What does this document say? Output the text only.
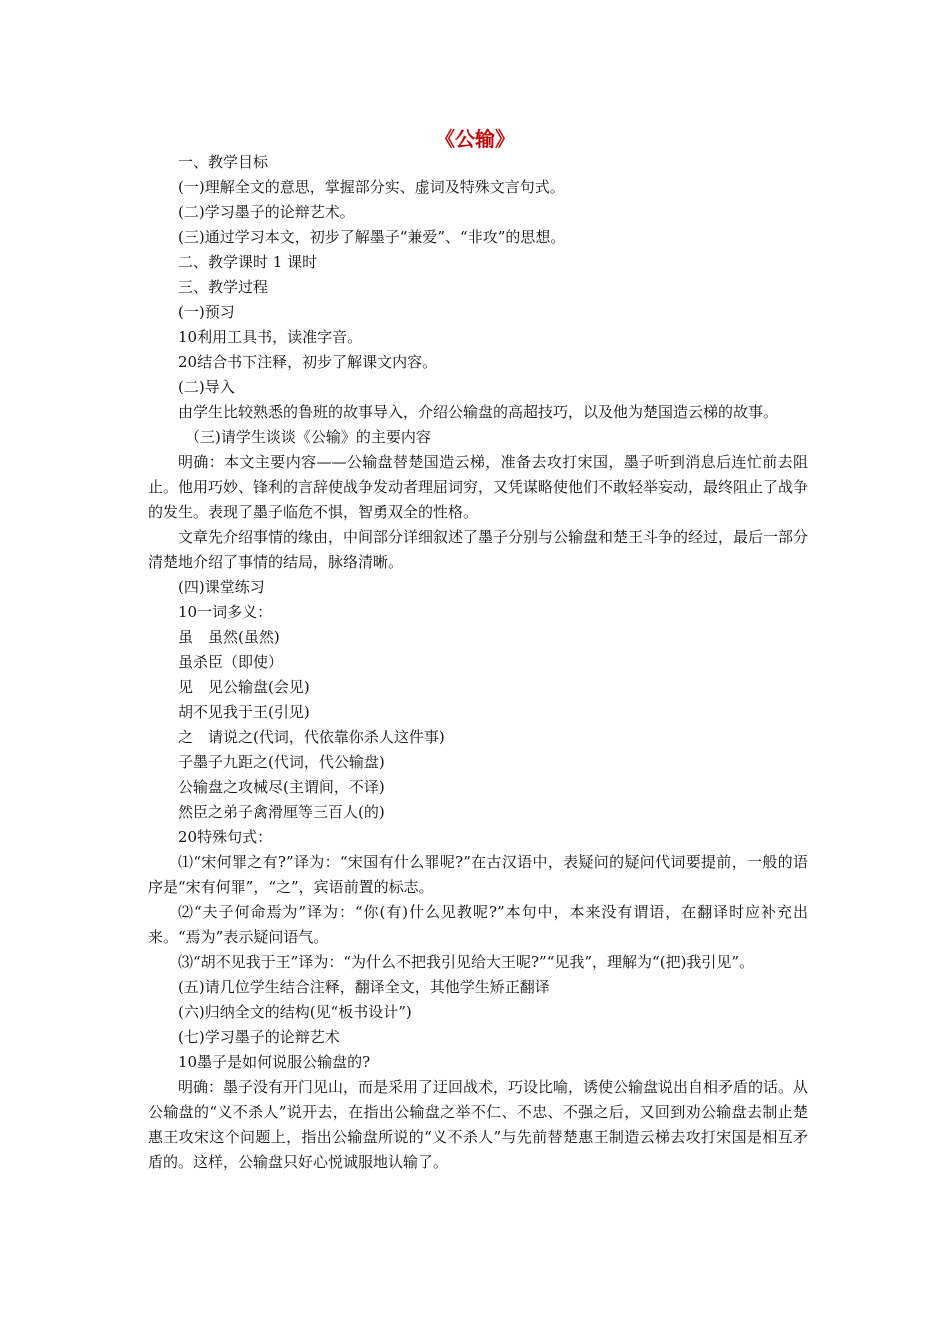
《公输》

一、教学目标

(一)理解全文的意思，掌握部分实、虚词及特殊文言句式。

(二)学习墨子的论辩艺术。

(三)通过学习本文，初步了解墨子“兼爱”、“非攻”的思想。

二、教学课时 1 课时

三、教学过程

(一)预习

10利用工具书，读准字音。

20结合书下注释，初步了解课文内容。

(二)导入

由学生比较熟悉的鲁班的故事导入，介绍公输盘的高超技巧，以及他为楚国造云梯的故事。

（三)请学生谈谈《公输》的主要内容

明确：本文主要内容——公输盘替楚国造云梯，准备去攻打宋国，墨子听到消息后连忙前去阻止。他用巧妙、锋利的言辞使战争发动者理屈词穷，又凭谋略使他们不敢轻举妄动，最终阻止了战争的发生。表现了墨子临危不惧，智勇双全的性格。

文章先介绍事情的缘由，中间部分详细叙述了墨子分别与公输盘和楚王斗争的经过，最后一部分清楚地介绍了事情的结局，脉络清晰。

(四)课堂练习

10一词多义：

虽　虽然(虽然)

虽杀臣（即使）

见　见公输盘(会见)

胡不见我于王(引见)

之　请说之(代词，代依靠你杀人这件事)

子墨子九距之(代词，代公输盘)

公输盘之攻械尽(主谓间，不译)

然臣之弟子禽滑厘等三百人(的)

20特殊句式：

⑴“宋何罪之有?”译为：“宋国有什么罪呢?”在古汉语中，表疑问的疑问代词要提前，一般的语序是“宋有何罪”，“之”，宾语前置的标志。

⑵“夫子何命焉为”译为：“你(有)什么见教呢?”本句中，本来没有谓语，在翻译时应补充出来。“焉为”表示疑问语气。

⑶“胡不见我于王”译为：“为什么不把我引见给大王呢?”“见我”，理解为“(把)我引见”。

(五)请几位学生结合注释，翻译全文，其他学生矫正翻译

(六)归纳全文的结构(见“板书设计”)

(七)学习墨子的论辩艺术

10墨子是如何说服公输盘的?

明确：墨子没有开门见山，而是采用了迂回战术，巧设比喻，诱使公输盘说出自相矛盾的话。从公输盘的“义不杀人”说开去，在指出公输盘之举不仁、不忠、不强之后，又回到劝公输盘去制止楚惠王攻宋这个问题上，指出公输盘所说的“义不杀人”与先前替楚惠王制造云梯去攻打宋国是相互矛盾的。这样，公输盘只好心悦诚服地认输了。
